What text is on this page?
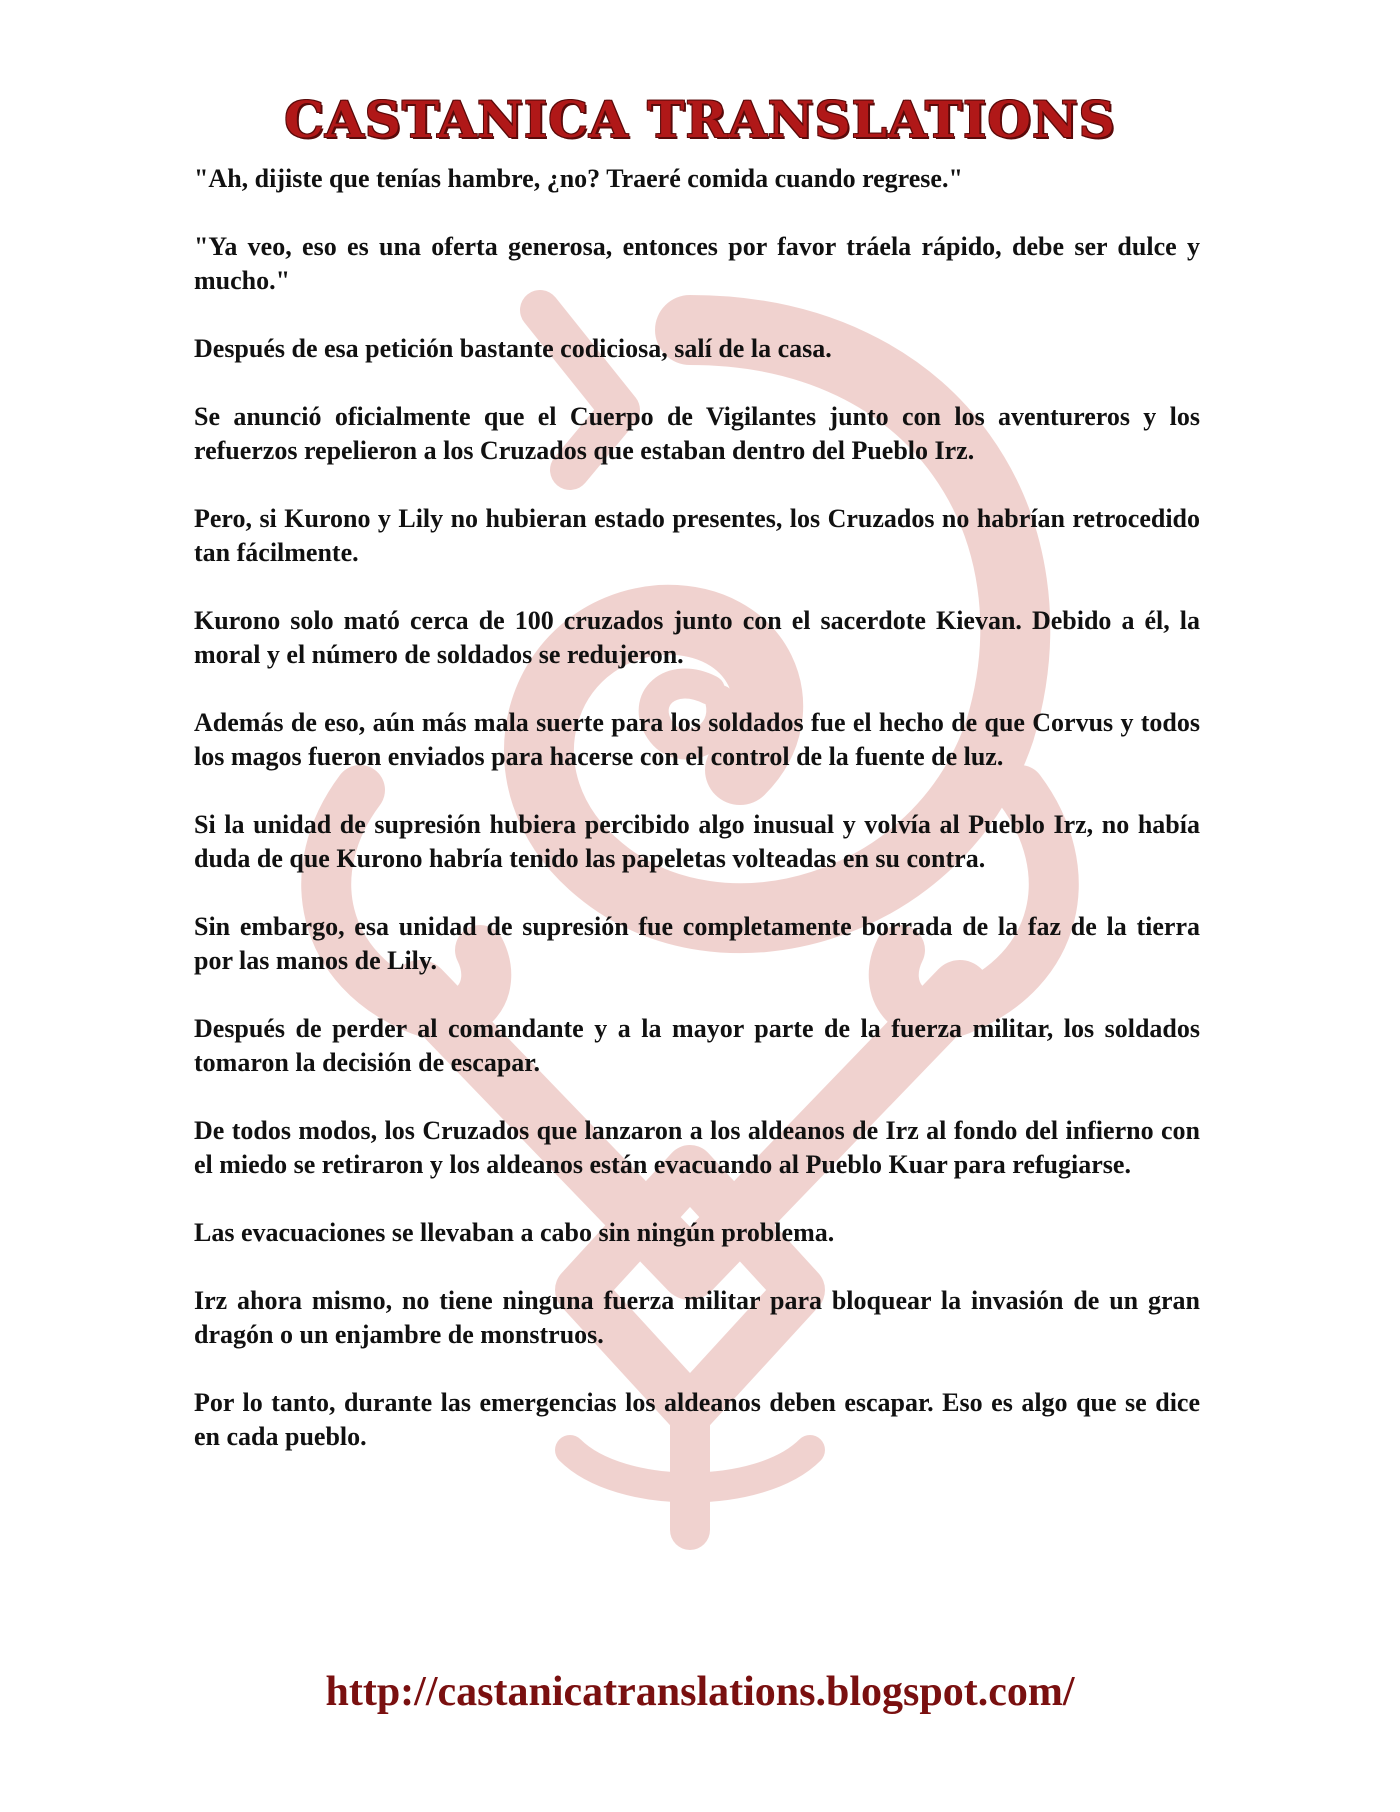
CASTANICA TRANSLATIONS

"Ah, dijiste que tenías hambre, ¿no? Traeré comida cuando regrese."

"Ya veo, eso es una oferta generosa, entonces por favor tráela rápido, debe ser dulce y mucho."

Después de esa petición bastante codiciosa, salí de la casa.

Se anunció oficialmente que el Cuerpo de Vigilantes junto con los aventureros y los refuerzos repelieron a los Cruzados que estaban dentro del Pueblo Irz.

Pero, si Kurono y Lily no hubieran estado presentes, los Cruzados no habrían retrocedido tan fácilmente.

Kurono solo mató cerca de 100 cruzados junto con el sacerdote Kievan. Debido a él, la moral y el número de soldados se redujeron.

Además de eso, aún más mala suerte para los soldados fue el hecho de que Corvus y todos los magos fueron enviados para hacerse con el control de la fuente de luz.

Si la unidad de supresión hubiera percibido algo inusual y volvía al Pueblo Irz, no había duda de que Kurono habría tenido las papeletas volteadas en su contra.

Sin embargo, esa unidad de supresión fue completamente borrada de la faz de la tierra por las manos de Lily.

Después de perder al comandante y a la mayor parte de la fuerza militar, los soldados tomaron la decisión de escapar.

De todos modos, los Cruzados que lanzaron a los aldeanos de Irz al fondo del infierno con el miedo se retiraron y los aldeanos están evacuando al Pueblo Kuar para refugiarse.

Las evacuaciones se llevaban a cabo sin ningún problema.

Irz ahora mismo, no tiene ninguna fuerza militar para bloquear la invasión de un gran dragón o un enjambre de monstruos.

Por lo tanto, durante las emergencias los aldeanos deben escapar. Eso es algo que se dice en cada pueblo.

http://castanicatranslations.blogspot.com/
